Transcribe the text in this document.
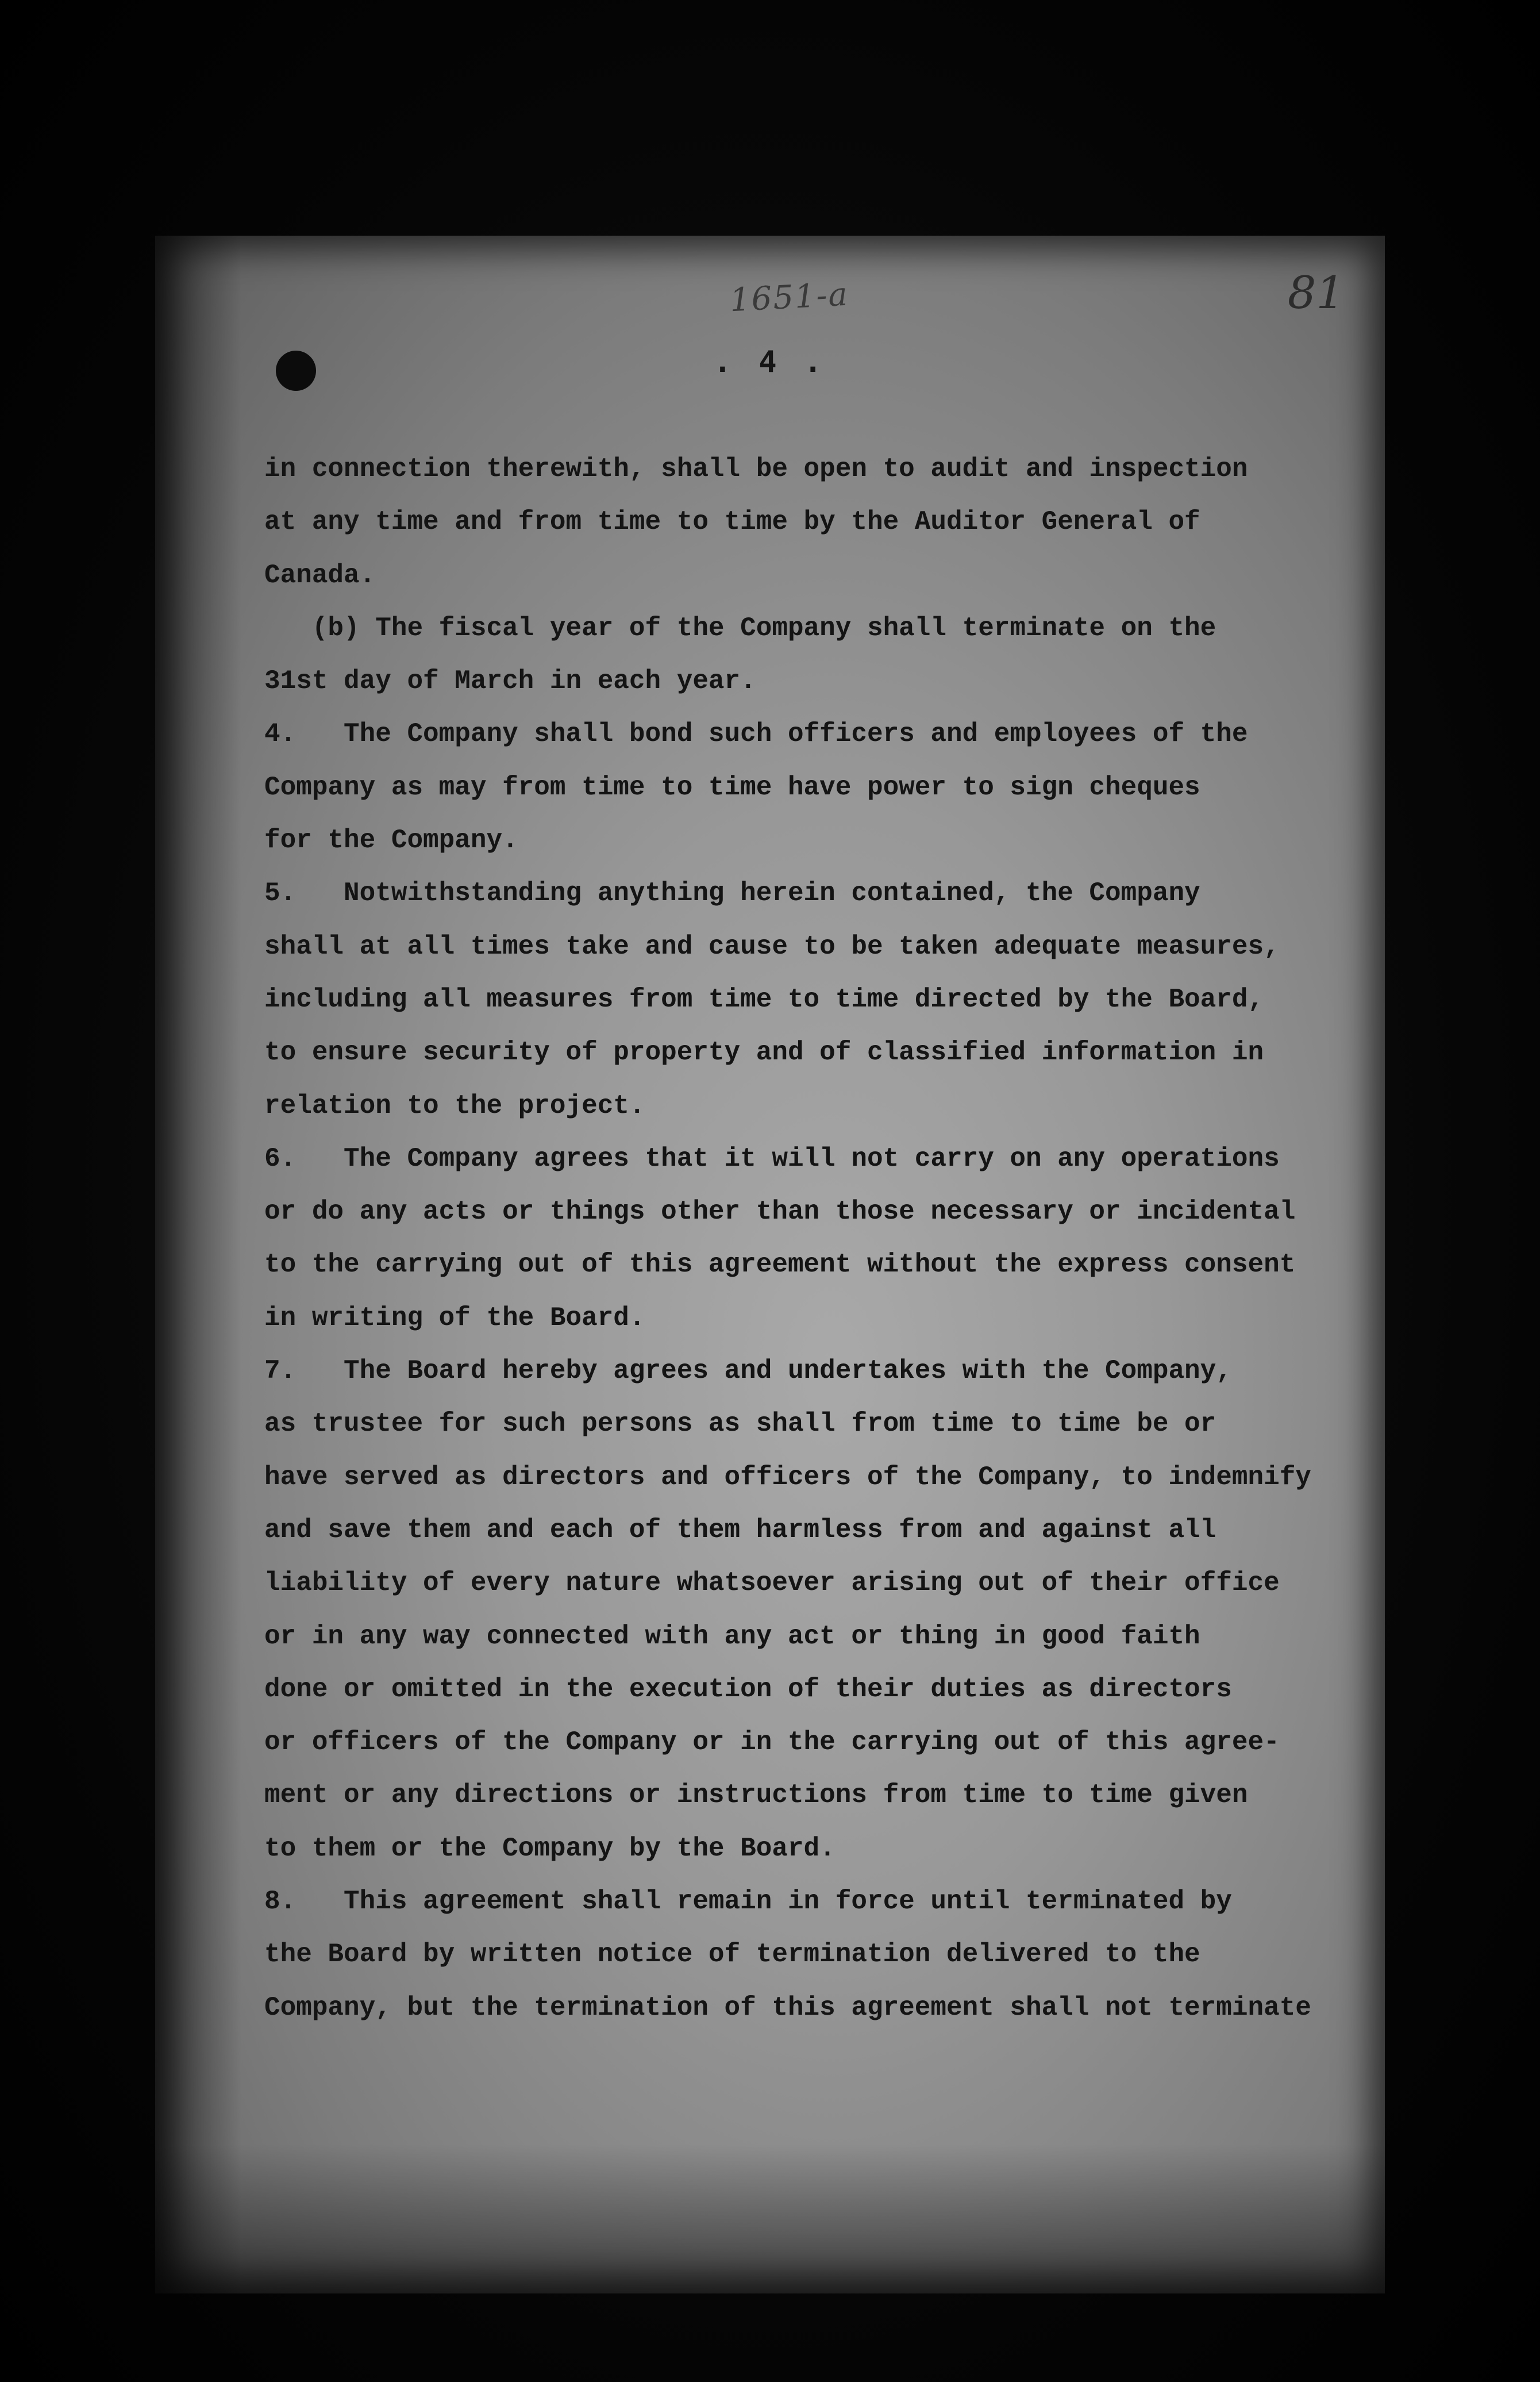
1651-a	81
. 4 .
in connection therewith, shall be open to audit and inspection
at any time and from time to time by the Auditor General of
Canada.
(b) The fiscal year of the Company shall terminate on the
31st day of March in each year.
4.   The Company shall bond such officers and employees of the
Company as may from time to time have power to sign cheques
for the Company.
5.   Notwithstanding anything herein contained, the Company
shall at all times take and cause to be taken adequate measures,
including all measures from time to time directed by the Board,
to ensure security of property and of classified information in
relation to the project.
6.   The Company agrees that it will not carry on any operations
or do any acts or things other than those necessary or incidental
to the carrying out of this agreement without the express consent
in writing of the Board.
7.   The Board hereby agrees and undertakes with the Company,
as trustee for such persons as shall from time to time be or
have served as directors and officers of the Company, to indemnify
and save them and each of them harmless from and against all
liability of every nature whatsoever arising out of their office
or in any way connected with any act or thing in good faith
done or omitted in the execution of their duties as directors
or officers of the Company or in the carrying out of this agree-
ment or any directions or instructions from time to time given
to them or the Company by the Board.
8.   This agreement shall remain in force until terminated by
the Board by written notice of termination delivered to the
Company, but the termination of this agreement shall not terminate
